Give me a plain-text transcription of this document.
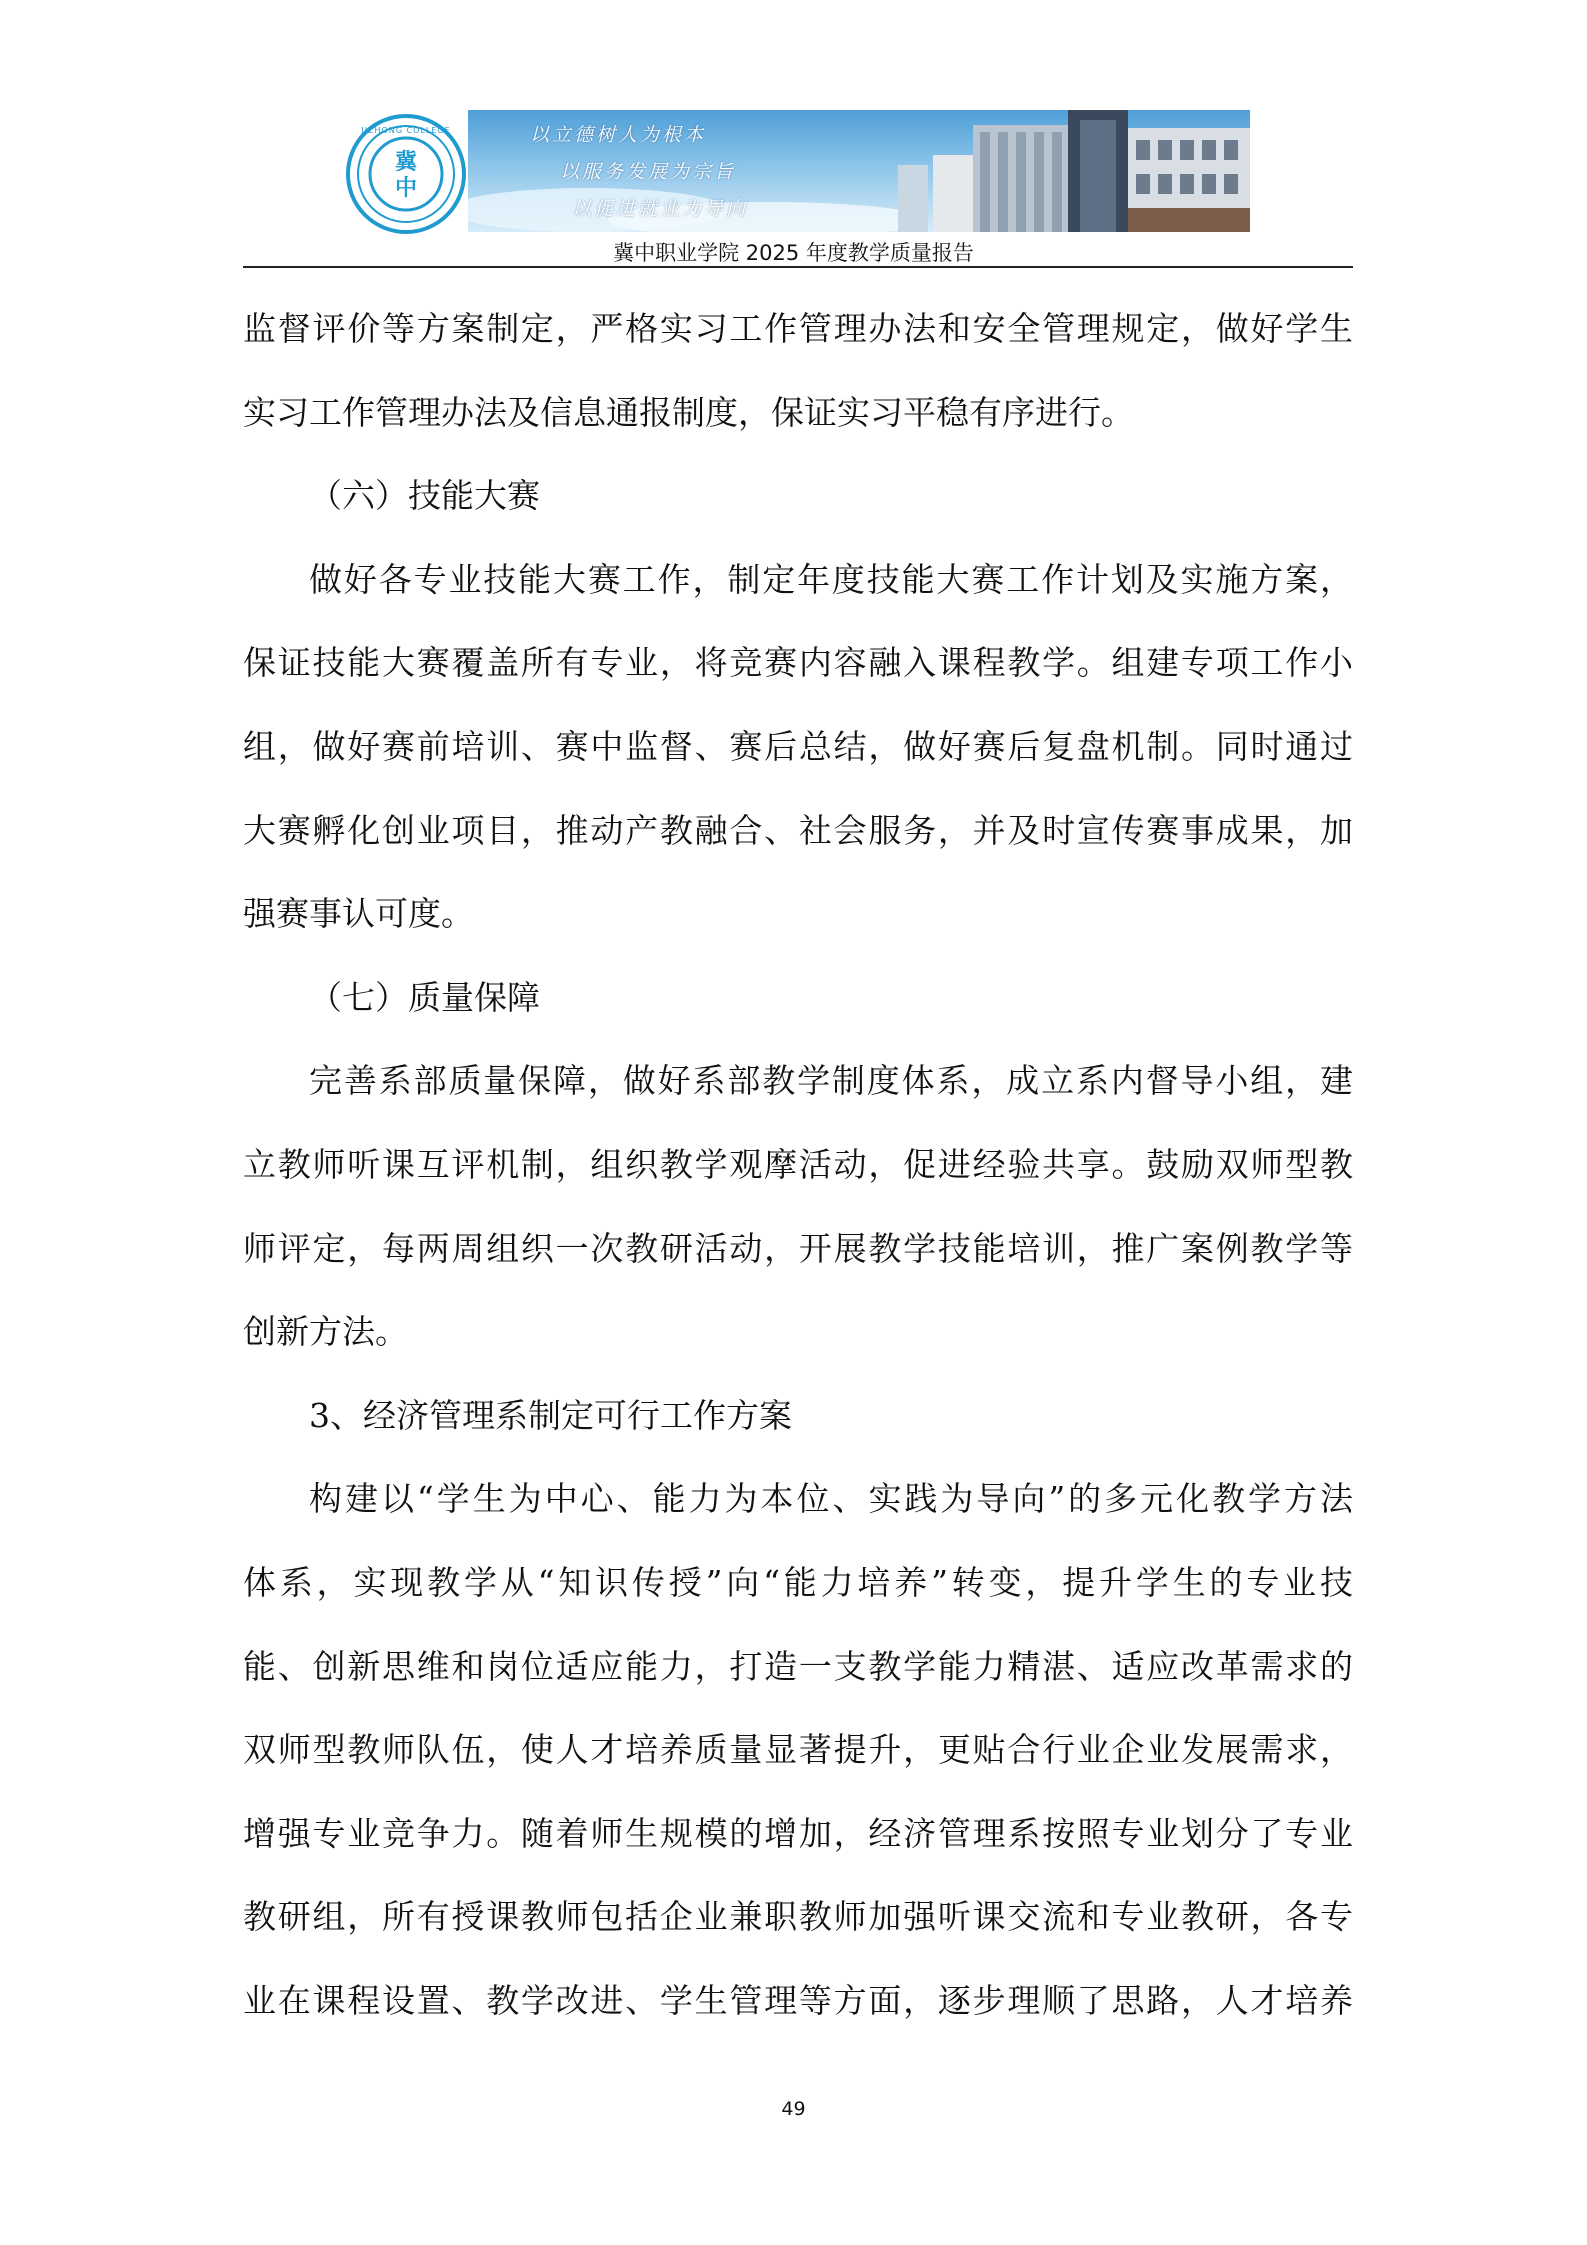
冀
中
JIZHONG COLLEGE	以立德树人为根本
以服务发展为宗旨
以促进就业为导向
冀中职业学院 2025 年度教学质量报告
监督评价等方案制定，严格实习工作管理办法和安全管理规定，做好学生
实习工作管理办法及信息通报制度，保证实习平稳有序进行。
（六）技能大赛
做好各专业技能大赛工作，制定年度技能大赛工作计划及实施方案，
保证技能大赛覆盖所有专业，将竞赛内容融入课程教学。组建专项工作小
组，做好赛前培训、赛中监督、赛后总结，做好赛后复盘机制。同时通过
大赛孵化创业项目，推动产教融合、社会服务，并及时宣传赛事成果，加
强赛事认可度。
（七）质量保障
完善系部质量保障，做好系部教学制度体系，成立系内督导小组，建
立教师听课互评机制，组织教学观摩活动，促进经验共享。鼓励双师型教
师评定，每两周组织一次教研活动，开展教学技能培训，推广案例教学等
创新方法。
3、经济管理系制定可行工作方案
构建以“学生为中心、能力为本位、实践为导向”的多元化教学方法
体系，实现教学从“知识传授”向“能力培养”转变，提升学生的专业技
能、创新思维和岗位适应能力，打造一支教学能力精湛、适应改革需求的
双师型教师队伍，使人才培养质量显著提升，更贴合行业企业发展需求，
增强专业竞争力。随着师生规模的增加，经济管理系按照专业划分了专业
教研组，所有授课教师包括企业兼职教师加强听课交流和专业教研，各专
业在课程设置、教学改进、学生管理等方面，逐步理顺了思路，人才培养
49
